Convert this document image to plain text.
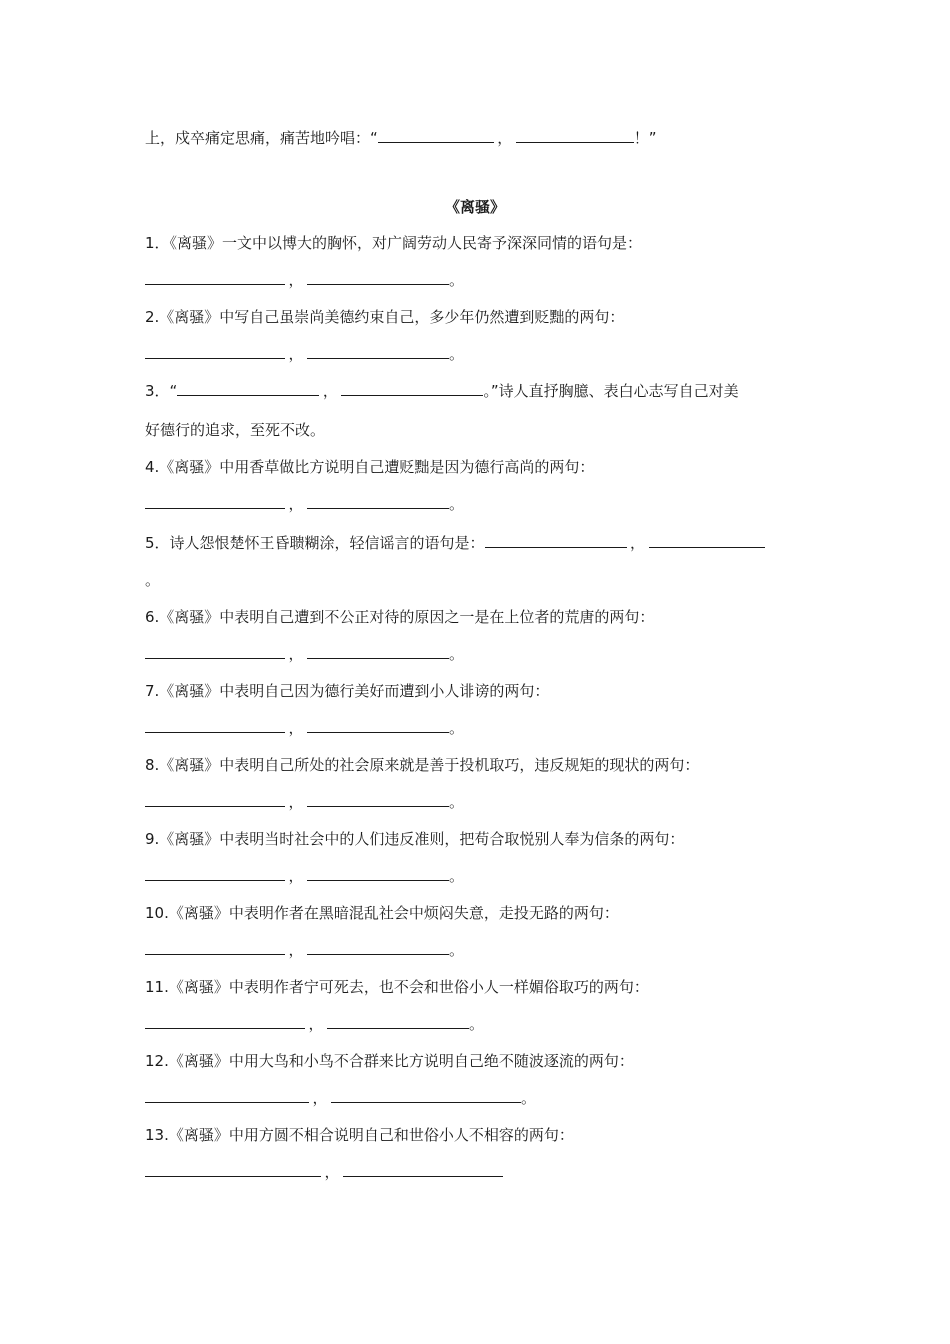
上，戍卒痛定思痛，痛苦地吟唱：“	，	！”
《离骚》
1．《离骚》一文中以博大的胸怀，对广阔劳动人民寄予深深同情的语句是：
，	。
2.《离骚》中写自己虽崇尚美德约束自己，多少年仍然遭到贬黜的两句：
，	。
3．“	，	。”诗人直抒胸臆、表白心志写自己对美
好德行的追求，至死不改。
4.《离骚》中用香草做比方说明自己遭贬黜是因为德行高尚的两句：
，	。
5．诗人怨恨楚怀王昏聩糊涂，轻信谣言的语句是：	，
。
6.《离骚》中表明自己遭到不公正对待的原因之一是在上位者的荒唐的两句：
，	。
7.《离骚》中表明自己因为德行美好而遭到小人诽谤的两句：
，	。
8.《离骚》中表明自己所处的社会原来就是善于投机取巧，违反规矩的现状的两句：
，	。
9.《离骚》中表明当时社会中的人们违反准则，把苟合取悦别人奉为信条的两句：
，	。
10.《离骚》中表明作者在黑暗混乱社会中烦闷失意，走投无路的两句：
，	。
11.《离骚》中表明作者宁可死去，也不会和世俗小人一样媚俗取巧的两句：
，	。
12.《离骚》中用大鸟和小鸟不合群来比方说明自己绝不随波逐流的两句：
，	。
13.《离骚》中用方圆不相合说明自己和世俗小人不相容的两句：
，
